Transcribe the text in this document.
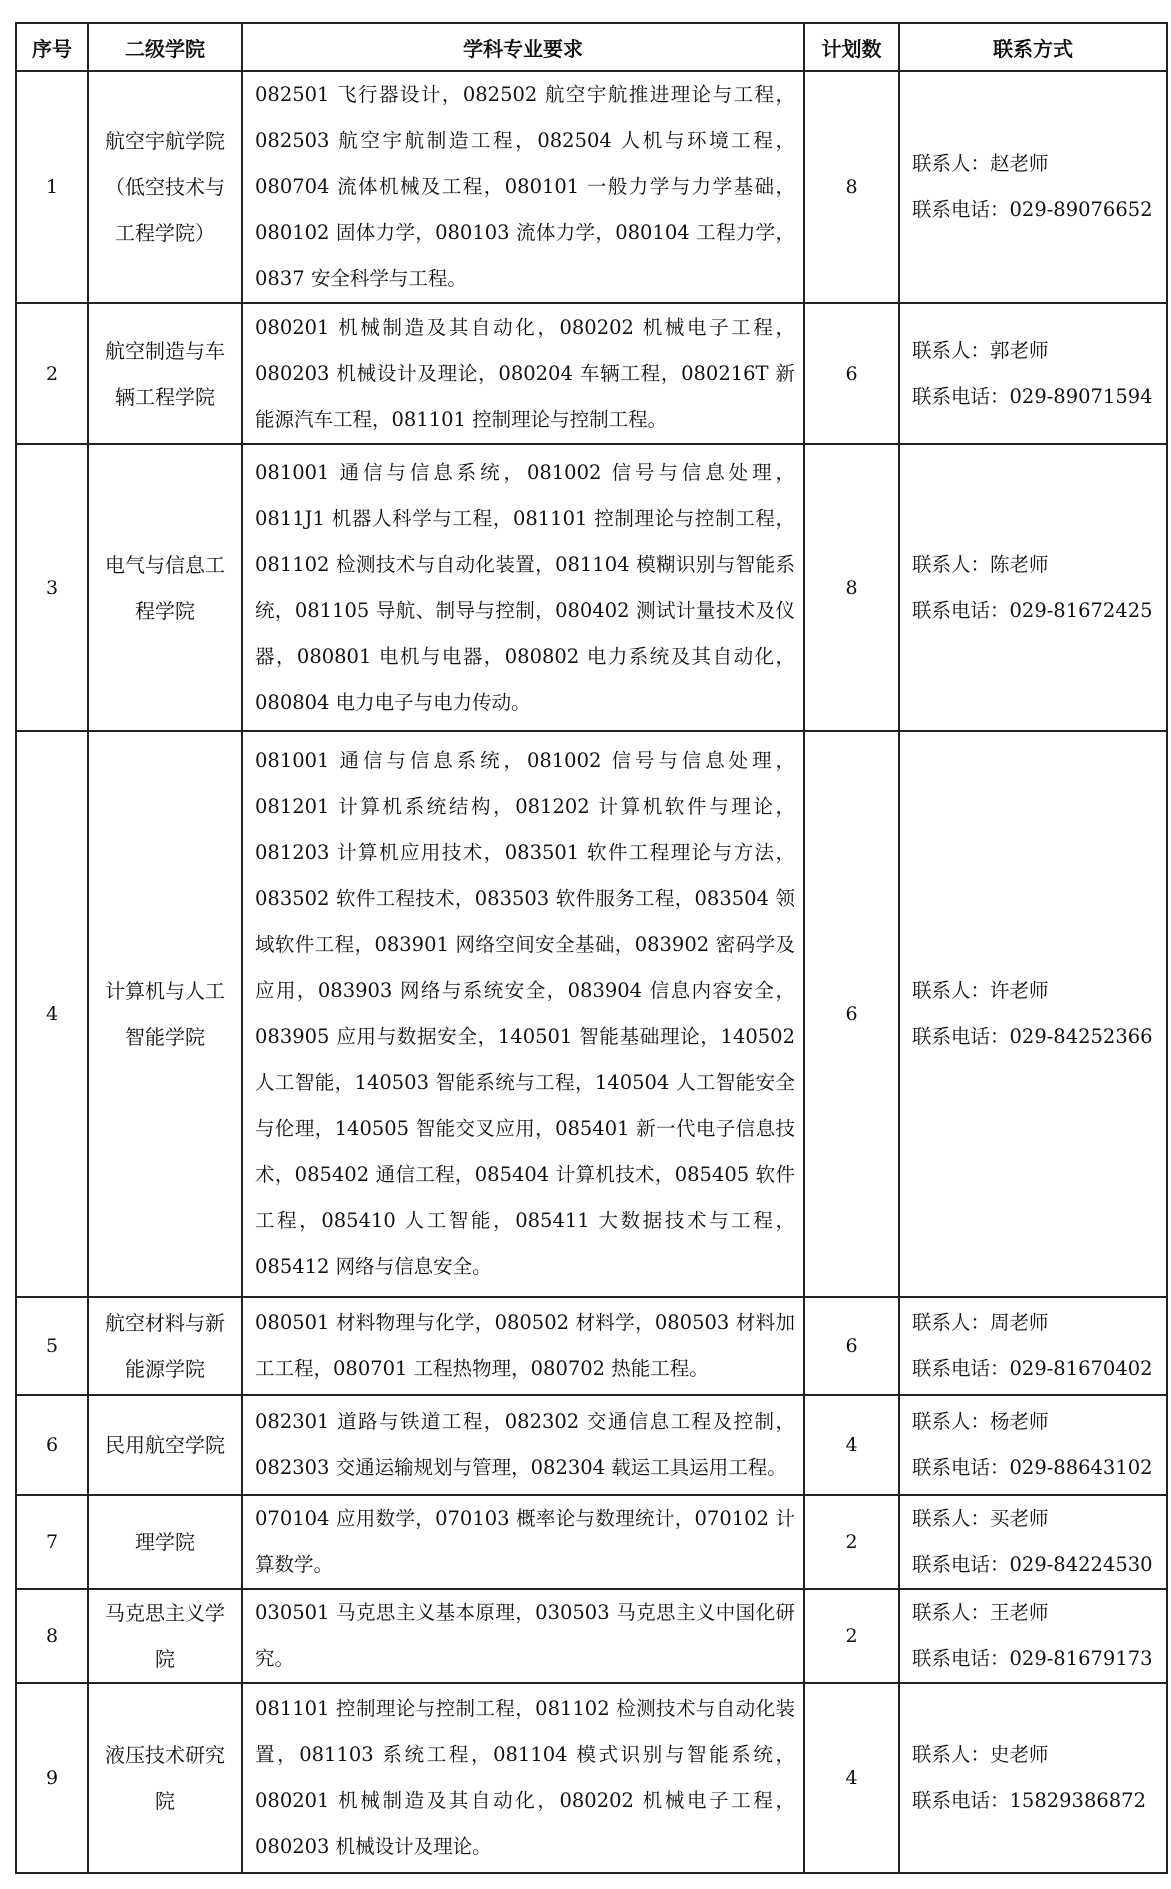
序号	二级学院	学科专业要求	计划数	联系方式
1	航空宇航学院（低空技术与工程学院）	082501 飞行器设计，082502 航空宇航推进理论与工程，082503 航空宇航制造工程，082504 人机与环境工程，080704 流体机械及工程，080101 一般力学与力学基础，080102 固体力学，080103 流体力学，080104 工程力学，0837 安全科学与工程。	8	联系人：赵老师
联系电话：029-89076652

2	航空制造与车辆工程学院	080201 机械制造及其自动化，080202 机械电子工程，080203 机械设计及理论，080204 车辆工程，080216T 新能源汽车工程，081101 控制理论与控制工程。	6	联系人：郭老师
联系电话：029-89071594

3	电气与信息工程学院	081001 通信与信息系统，081002 信号与信息处理，0811J1 机器人科学与工程，081101 控制理论与控制工程，081102 检测技术与自动化装置，081104 模糊识别与智能系统，081105 导航、制导与控制，080402 测试计量技术及仪器，080801 电机与电器，080802 电力系统及其自动化，080804 电力电子与电力传动。	8	联系人：陈老师
联系电话：029-81672425

4	计算机与人工智能学院	081001 通信与信息系统，081002 信号与信息处理，081201 计算机系统结构，081202 计算机软件与理论，081203 计算机应用技术，083501 软件工程理论与方法，083502 软件工程技术，083503 软件服务工程，083504 领域软件工程，083901 网络空间安全基础，083902 密码学及应用，083903 网络与系统安全，083904 信息内容安全，083905 应用与数据安全，140501 智能基础理论，140502 人工智能，140503 智能系统与工程，140504 人工智能安全与伦理，140505 智能交叉应用，085401 新一代电子信息技术，085402 通信工程，085404 计算机技术，085405 软件工程，085410 人工智能，085411 大数据技术与工程，085412 网络与信息安全。	6	联系人：许老师
联系电话：029-84252366

5	航空材料与新能源学院	080501 材料物理与化学，080502 材料学，080503 材料加工工程，080701 工程热物理，080702 热能工程。	6	联系人：周老师
联系电话：029-81670402

6	民用航空学院	082301 道路与铁道工程，082302 交通信息工程及控制，082303 交通运输规划与管理，082304 载运工具运用工程。	4	联系人：杨老师
联系电话：029-88643102

7	理学院	070104 应用数学，070103 概率论与数理统计，070102 计算数学。	2	联系人：买老师
联系电话：029-84224530

8	马克思主义学院	030501 马克思主义基本原理，030503 马克思主义中国化研究。	2	联系人：王老师
联系电话：029-81679173

9	液压技术研究院	081101 控制理论与控制工程，081102 检测技术与自动化装置，081103 系统工程，081104 模式识别与智能系统，080201 机械制造及其自动化，080202 机械电子工程，080203 机械设计及理论。	4	联系人：史老师
联系电话：15829386872
